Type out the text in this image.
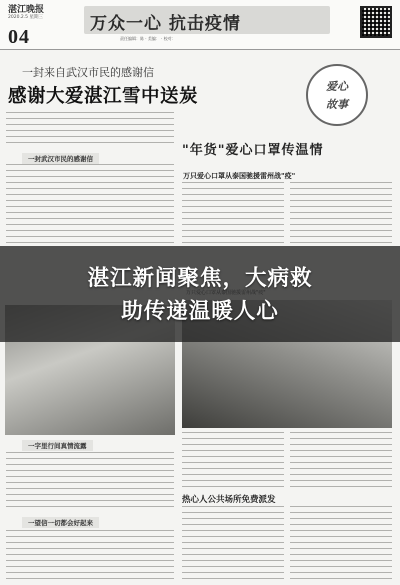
湛江晚报
2020.2.5 星期三
04
万众一心 抗击疫情
责任编辑：陈 · 美编： · 校对：
一封来自武汉市民的感谢信
感谢大爱湛江雪中送炭	爱心
故事
一封武汉市民的感谢信
"年货"爱心口罩传温情
万只爱心口罩从泰国驰援雷州战"疫"
一字里行间真情流露
热心人公共场所免费派发
一望信一切都会好起来
湛江新闻聚焦，大病救
助传递温暖人心
